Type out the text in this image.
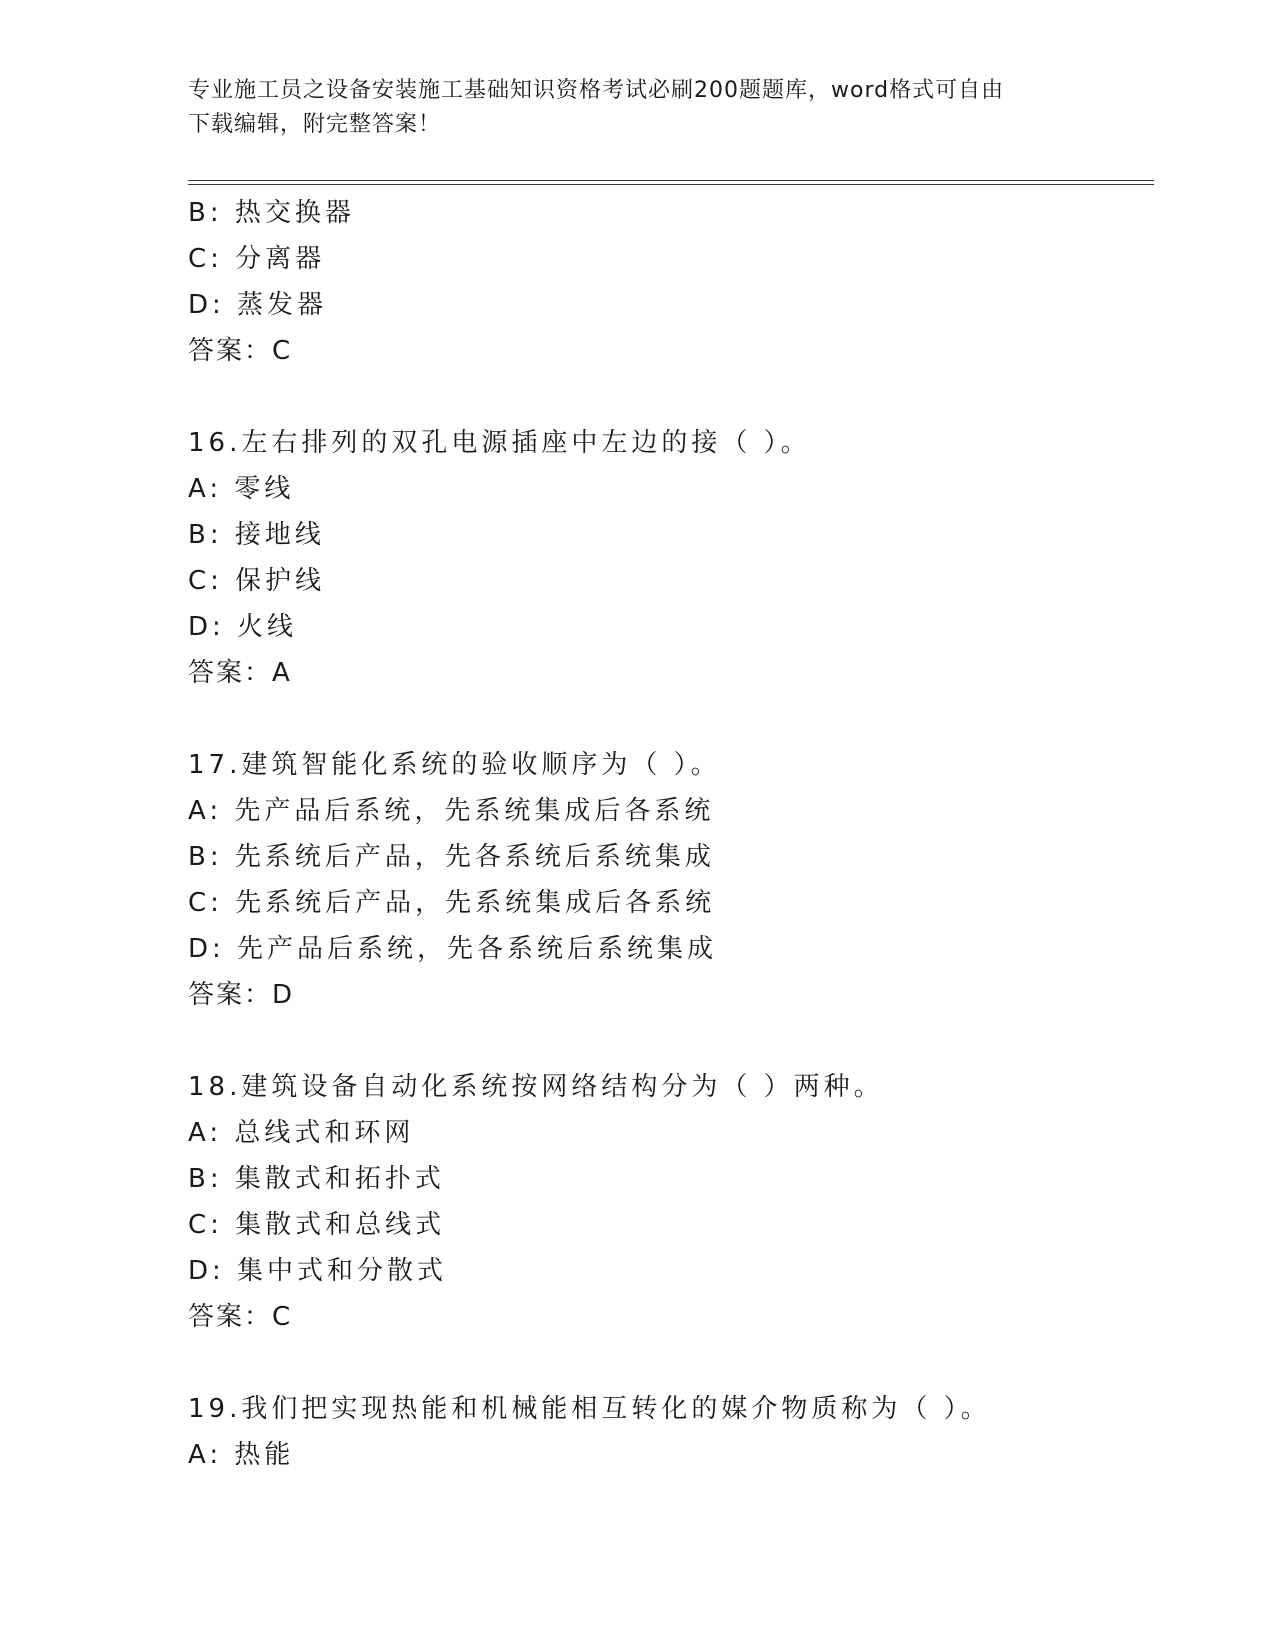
专业施工员之设备安装施工基础知识资格考试必刷200题题库，word格式可自由
下载编辑，附完整答案！
B: 热交换器
C: 分离器
D: 蒸发器
答案：C
16.左右排列的双孔电源插座中左边的接（ ）。
A: 零线
B: 接地线
C: 保护线
D: 火线
答案：A
17.建筑智能化系统的验收顺序为（ ）。
A: 先产品后系统，先系统集成后各系统
B: 先系统后产品，先各系统后系统集成
C: 先系统后产品，先系统集成后各系统
D: 先产品后系统，先各系统后系统集成
答案：D
18.建筑设备自动化系统按网络结构分为（ ）两种。
A: 总线式和环网
B: 集散式和拓扑式
C: 集散式和总线式
D: 集中式和分散式
答案：C
19.我们把实现热能和机械能相互转化的媒介物质称为（ ）。
A: 热能
